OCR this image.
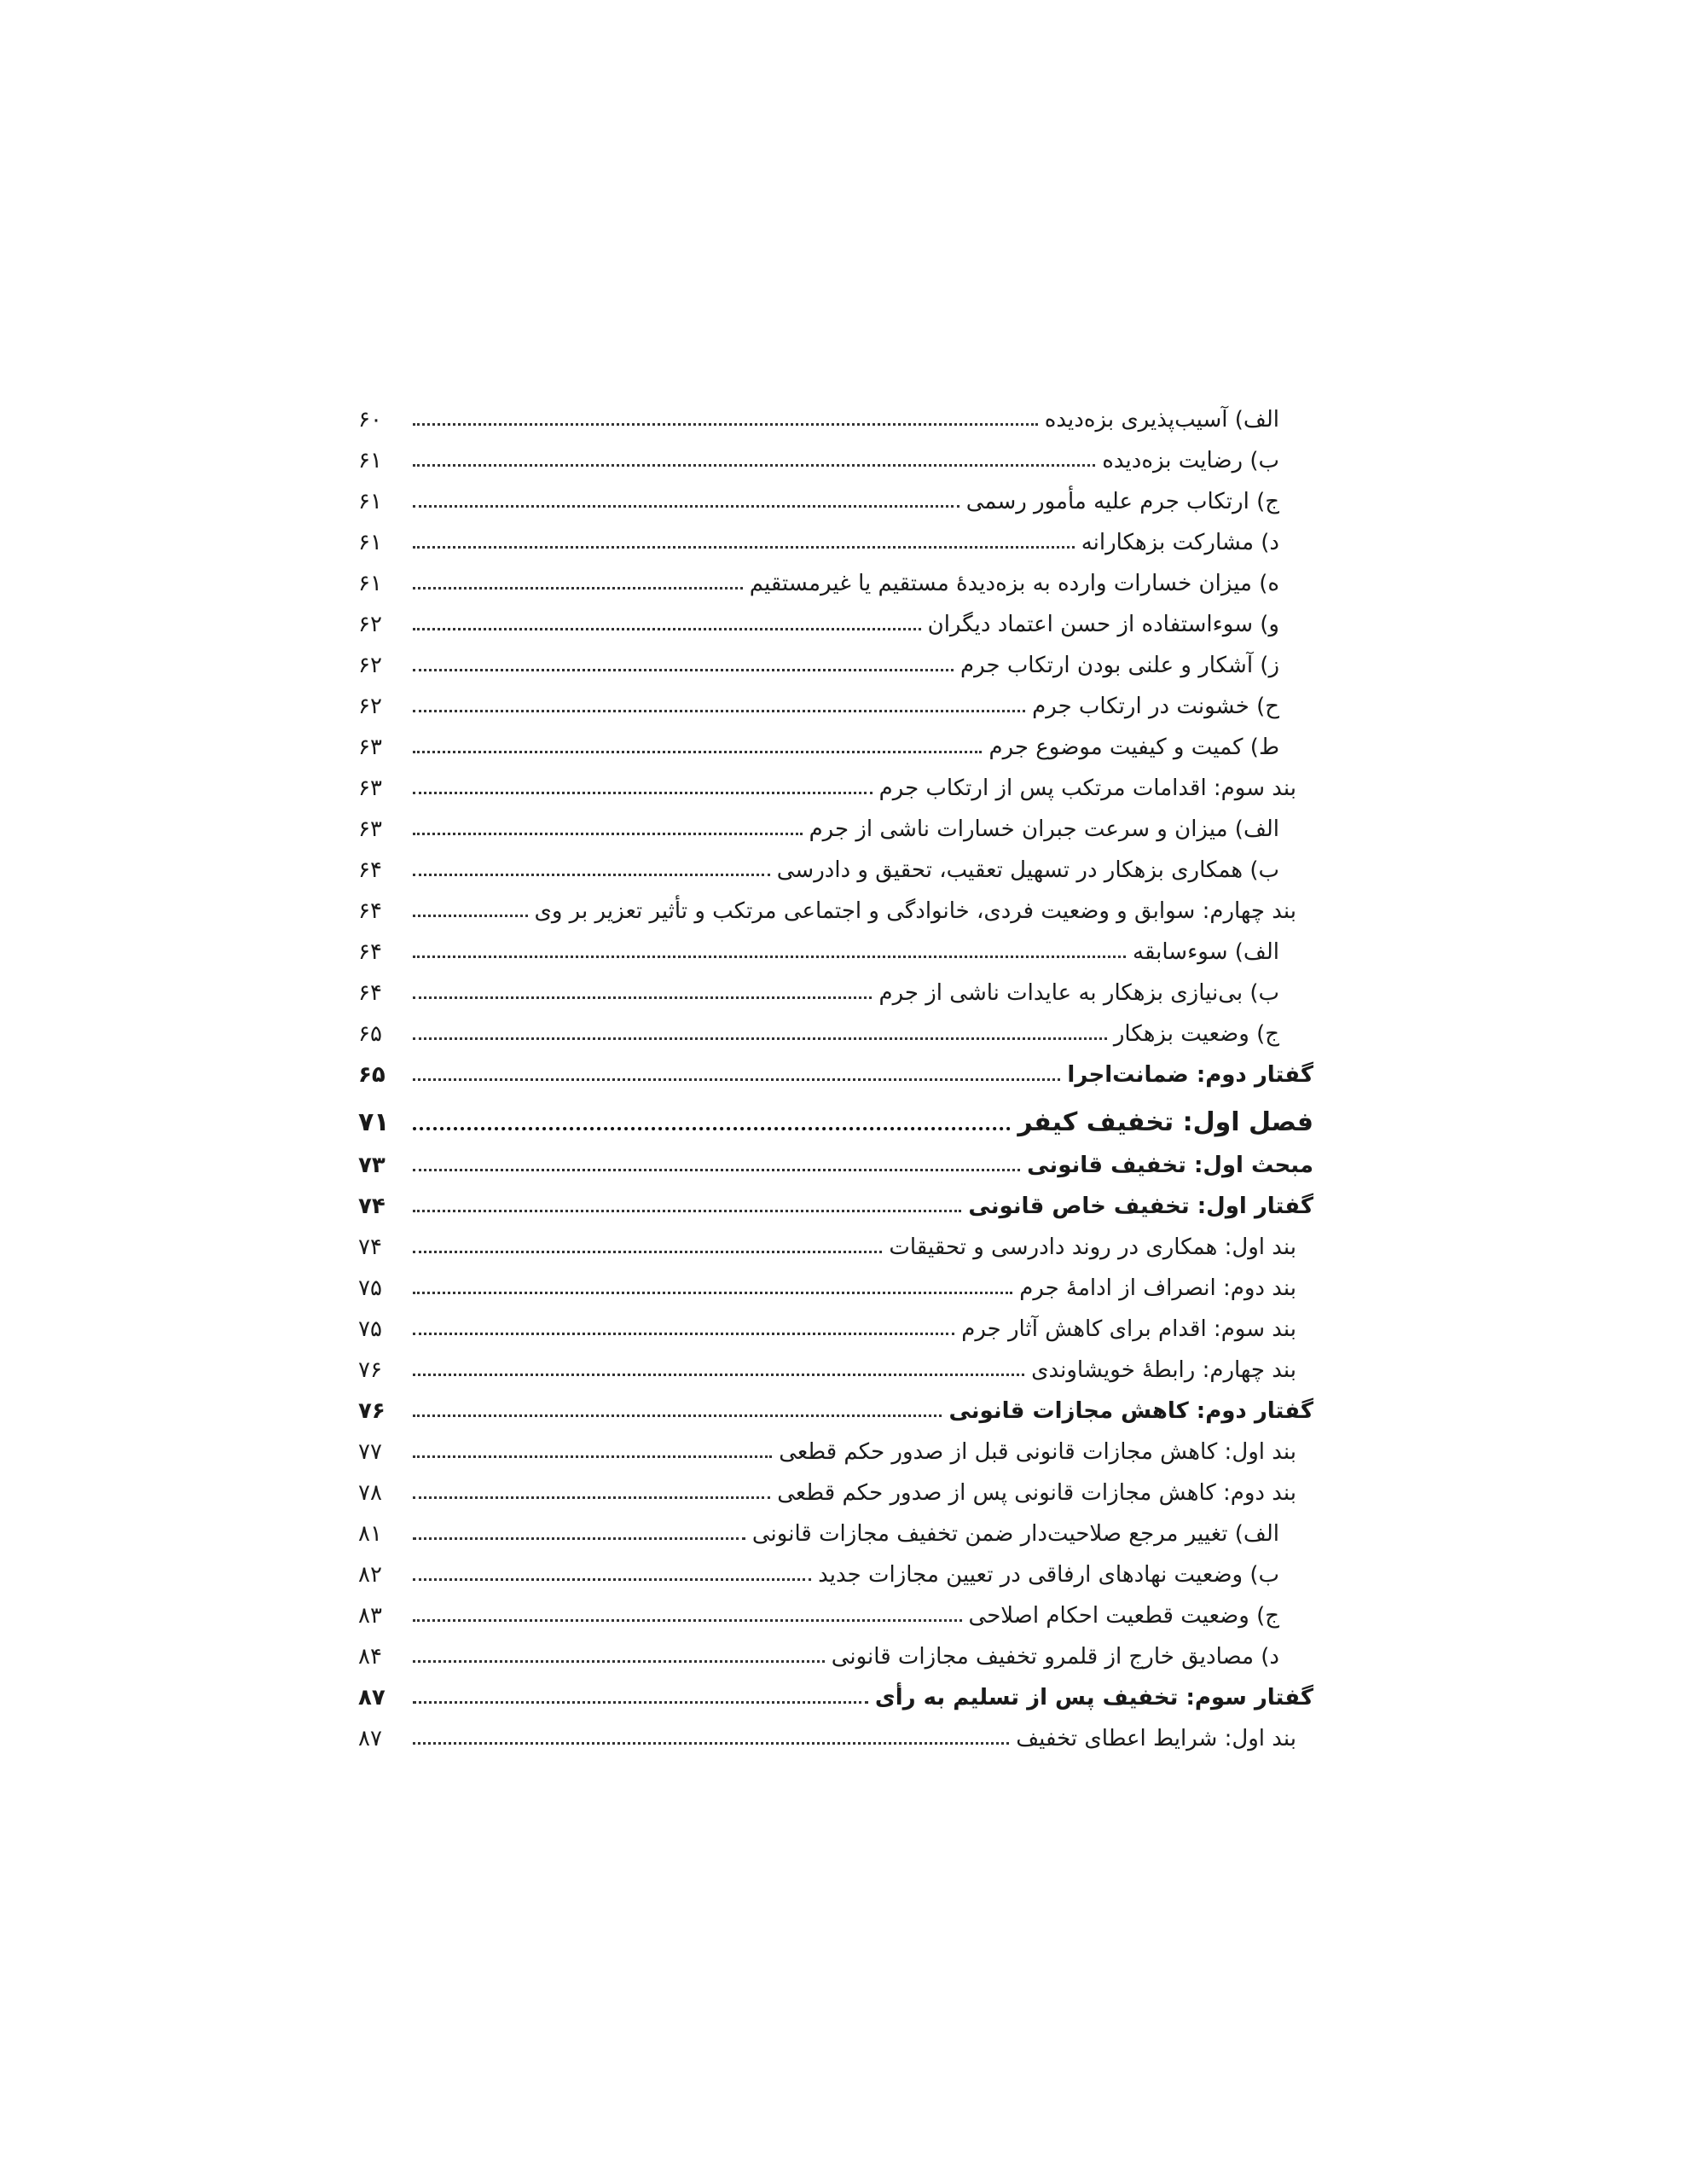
الف) آسیب‌پذیری بزه‌دیده
۶۰
ب) رضایت بزه‌دیده
۶۱
ج) ارتکاب جرم علیه مأمور رسمی
۶۱
د) مشارکت بزهکارانه
۶۱
ه) میزان خسارات وارده به بزه‌دیدهٔ مستقیم یا غیرمستقیم
۶۱
و) سوءاستفاده از حسن اعتماد دیگران
۶۲
ز) آشکار و علنی بودن ارتکاب جرم
۶۲
ح) خشونت در ارتکاب جرم
۶۲
ط) کمیت و کیفیت موضوع جرم
۶۳
بند سوم: اقدامات مرتکب پس از ارتکاب جرم
۶۳
الف) میزان و سرعت جبران خسارات ناشی از جرم
۶۳
ب) همکاری بزهکار در تسهیل تعقیب، تحقیق و دادرسی
۶۴
بند چهارم: سوابق و وضعیت فردی، خانوادگی و اجتماعی مرتکب و تأثیر تعزیر بر وی
۶۴
الف) سوءسابقه
۶۴
ب) بی‌نیازی بزهکار به عایدات ناشی از جرم
۶۴
ج) وضعیت بزهکار
۶۵
گفتار دوم: ضمانت‌اجرا
۶۵
فصل اول: تخفیف کیفر
۷۱
مبحث اول: تخفیف قانونی
۷۳
گفتار اول: تخفیف خاص قانونی
۷۴
بند اول: همکاری در روند دادرسی و تحقیقات
۷۴
بند دوم: انصراف از ادامهٔ جرم
۷۵
بند سوم: اقدام برای کاهش آثار جرم
۷۵
بند چهارم: رابطهٔ خویشاوندی
۷۶
گفتار دوم: کاهش مجازات قانونی
۷۶
بند اول: کاهش مجازات قانونی قبل از صدور حکم قطعی
۷۷
بند دوم: کاهش مجازات قانونی پس از صدور حکم قطعی
۷۸
الف) تغییر مرجع صلاحیت‌دار ضمن تخفیف مجازات قانونی
۸۱
ب) وضعیت نهادهای ارفاقی در تعیین مجازات جدید
۸۲
ج) وضعیت قطعیت احکام اصلاحی
۸۳
د) مصادیق خارج از قلمرو تخفیف مجازات قانونی
۸۴
گفتار سوم: تخفیف پس از تسلیم به رأی
۸۷
بند اول: شرایط اعطای تخفیف
۸۷
